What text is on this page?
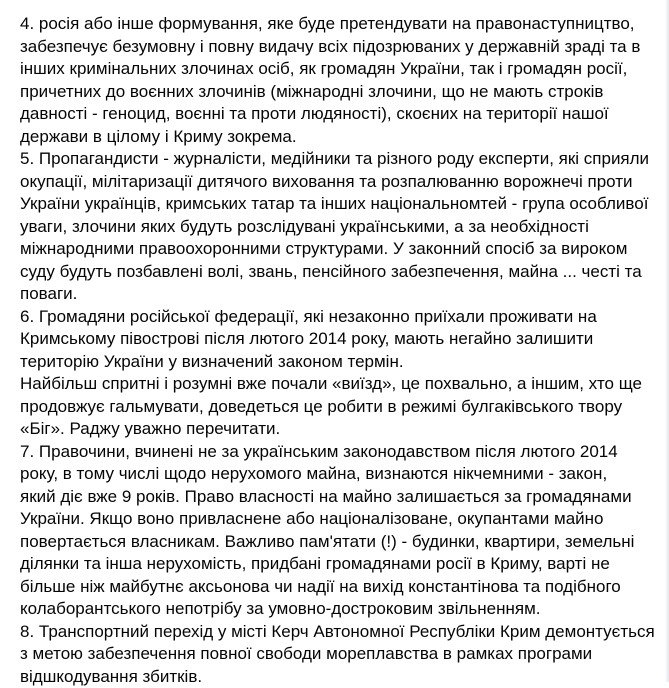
4. росія або інше формування, яке буде претендувати на правонаступництво,
забезпечує безумовну і повну видачу всіх підозрюваних у державній зраді та в
інших кримінальних злочинах осіб, як громадян України, так і громадян росії,
причетних до воєнних злочинів (міжнародні злочини, що не мають строків
давності - геноцид, воєнні та проти людяності), скоєних на території нашої
держави в цілому і Криму зокрема.
5. Пропагандисти - журналісти, медійники та різного роду експерти, які сприяли
окупації, мілітаризації дитячого виховання та розпалюванню ворожнечі проти
України українців, кримських татар та інших національномтей - група особливої
уваги, злочини яких будуть розслідувані українськими, а за необхідності
міжнародними правоохоронними структурами. У законний спосіб за вироком
суду будуть позбавлені волі, звань, пенсійного забезпечення, майна ... честі та
поваги.
6. Громадяни російської федерації, які незаконно приїхали проживати на
Кримському півострові після лютого 2014 року, мають негайно залишити
територію України у визначений законом термін.
Найбільш спритні і розумні вже почали «виїзд», це похвально, а іншим, хто ще
продовжує гальмувати, доведеться це робити в режимі булгаківського твору
«Біг». Раджу уважно перечитати.
7. Правочини, вчинені не за українським законодавством після лютого 2014
року, в тому числі щодо нерухомого майна, визнаются нікчемними - закон,
який діє вже 9 років. Право власності на майно залишається за громадянами
України. Якщо воно привласнене або націоналізоване, окупантами майно
повертається власникам. Важливо пам'ятати (!) - будинки, квартири, земельні
ділянки та інша нерухомість, придбані громадянами росії в Криму, варті не
більше ніж майбутнє аксьонова чи надії на вихід константінова та подібного
колаборантського непотрібу за умовно-достроковим звільненням.
8. Транспортний перехід у місті Керч Автономної Республіки Крим демонтується
з метою забезпечення повної свободи мореплавства в рамках програми
відшкодування збитків.
